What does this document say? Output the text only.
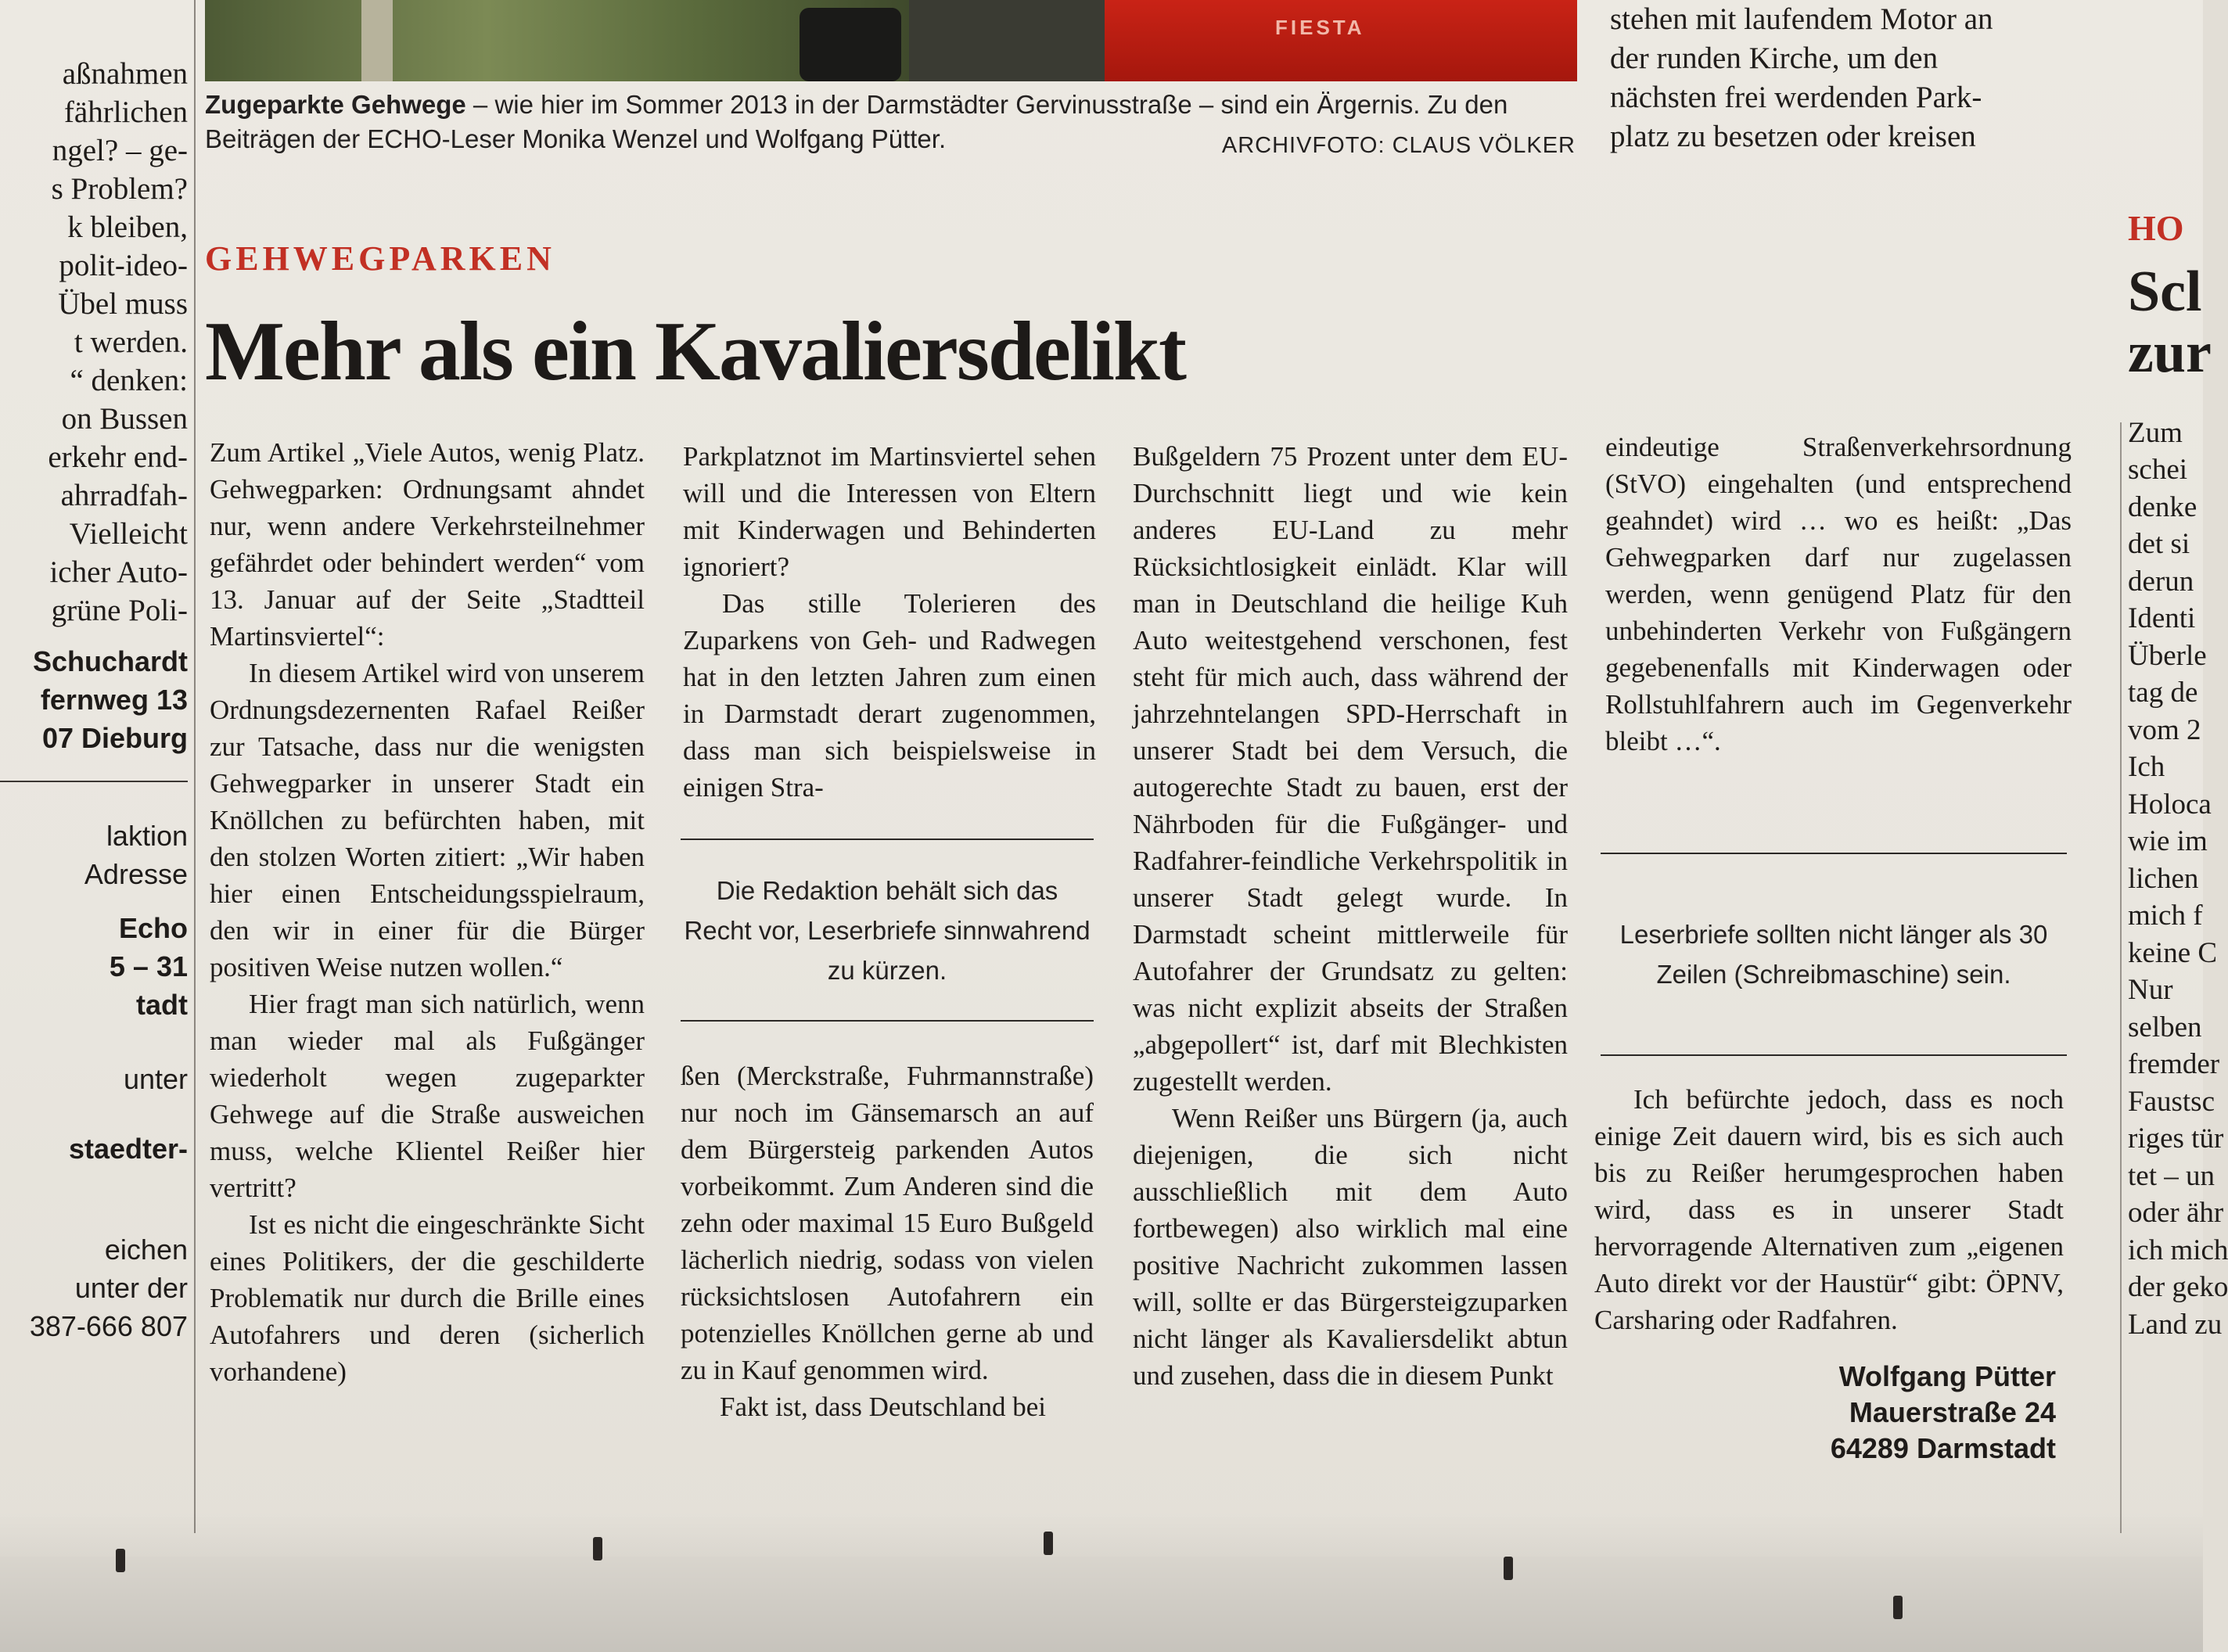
FIESTA
Zugeparkte Gehwege – wie hier im Sommer 2013 in der Darmstädter Gervinusstraße – sind ein Ärgernis. Zu den Beiträgen der ECHO-Leser Monika Wenzel und Wolfgang Pütter.	ARCHIVFOTO: CLAUS VÖLKER
GEHWEGPARKEN
Mehr als ein Kavaliersdelikt

Zum Artikel „Viele Autos, wenig Platz. Gehwegparken: Ordnungsamt ahndet nur, wenn andere Verkehrsteilnehmer gefährdet oder behindert werden“ vom 13. Januar auf der Seite „Stadtteil Martinsviertel“:

In diesem Artikel wird von unserem Ordnungsdezernenten Rafael Reißer zur Tatsache, dass nur die wenigsten Gehwegparker in unserer Stadt ein Knöllchen zu befürchten haben, mit den stolzen Worten zitiert: „Wir haben hier einen Entscheidungsspielraum, den wir in einer für die Bürger positiven Weise nutzen wollen.“

Hier fragt man sich natürlich, wenn man wieder mal als Fußgänger wiederholt wegen zugeparkter Gehwege auf die Straße ausweichen muss, welche Klientel Reißer hier vertritt?

Ist es nicht die eingeschränkte Sicht eines Politikers, der die geschilderte Problematik nur durch die Brille eines Autofahrers und deren (sicherlich vorhandene)

Parkplatznot im Martinsviertel sehen will und die Interessen von Eltern mit Kinderwagen und Behinderten ignoriert?

Das stille Tolerieren des Zuparkens von Geh- und Radwegen hat in den letzten Jahren zum einen in Darmstadt derart zugenommen, dass man sich beispielsweise in einigen Stra-

Die Redaktion behält sich das Recht vor, Leserbriefe sinnwahrend zu kürzen.

ßen (Merckstraße, Fuhrmannstraße) nur noch im Gänsemarsch an auf dem Bürgersteig parkenden Autos vorbeikommt. Zum Anderen sind die zehn oder maximal 15 Euro Bußgeld lächerlich niedrig, sodass von vielen rücksichtslosen Autofahrern ein potenzielles Knöllchen gerne ab und zu in Kauf genommen wird.

Fakt ist, dass Deutschland bei

Bußgeldern 75 Prozent unter dem EU-Durchschnitt liegt und wie kein anderes EU-Land zu mehr Rücksichtlosigkeit einlädt. Klar will man in Deutschland die heilige Kuh Auto weitestgehend verschonen, fest steht für mich auch, dass während der jahrzehntelangen SPD-Herrschaft in unserer Stadt bei dem Versuch, die autogerechte Stadt zu bauen, erst der Nährboden für die Fußgänger- und Radfahrer-feindliche Verkehrspolitik in unserer Stadt gelegt wurde. In Darmstadt scheint mittlerweile für Autofahrer der Grundsatz zu gelten: was nicht explizit abseits der Straßen „abgepollert“ ist, darf mit Blechkisten zugestellt werden.

Wenn Reißer uns Bürgern (ja, auch diejenigen, die sich nicht ausschließlich mit dem Auto fortbewegen) also wirklich mal eine positive Nachricht zukommen lassen will, sollte er das Bürgersteigzuparken nicht länger als Kavaliersdelikt abtun und zusehen, dass die in diesem Punkt

eindeutige Straßenverkehrsordnung (StVO) eingehalten (und entsprechend geahndet) wird … wo es heißt: „Das Gehwegparken darf nur zugelassen werden, wenn genügend Platz für den unbehinderten Verkehr von Fußgängern gegebenenfalls mit Kinderwagen oder Rollstuhlfahrern auch im Gegenverkehr bleibt …“.

Leserbriefe sollten nicht länger als 30 Zeilen (Schreibmaschine) sein.

Ich befürchte jedoch, dass es noch einige Zeit dauern wird, bis es sich auch bis zu Reißer herumgesprochen haben wird, dass es in unserer Stadt hervorragende Alternativen zum „eigenen Auto direkt vor der Haustür“ gibt: ÖPNV, Carsharing oder Radfahren.

Wolfgang Pütter
Mauerstraße 24
64289 Darmstadt
stehen mit laufendem Motor an
der runden Kirche, um den
nächsten frei werdenden Park-
platz zu besetzen oder kreisen
aßnahmen
fährlichen
ngel? – ge-
s Problem?
k bleiben,
polit-ideo-
Übel muss
t werden.
“ denken:
on Bussen
erkehr end-
ahrradfah-
Vielleicht
icher Auto-
grüne Poli-
Schuchardt
fernweg 13
07 Dieburg
laktion
Adresse
Echo
5 – 31
tadt
unter
staedter-
eichen
unter der
387-666 807
HO
Scl
zur
Zum
schei
denke
det si
derun
Identi
Überle
tag de
vom 2
Ich
Holoca
wie im
lichen
mich f
keine C
Nur
selben
fremder
Faustsc
riges tür
tet – un
oder ähr
ich mich
der geko
Land zu
